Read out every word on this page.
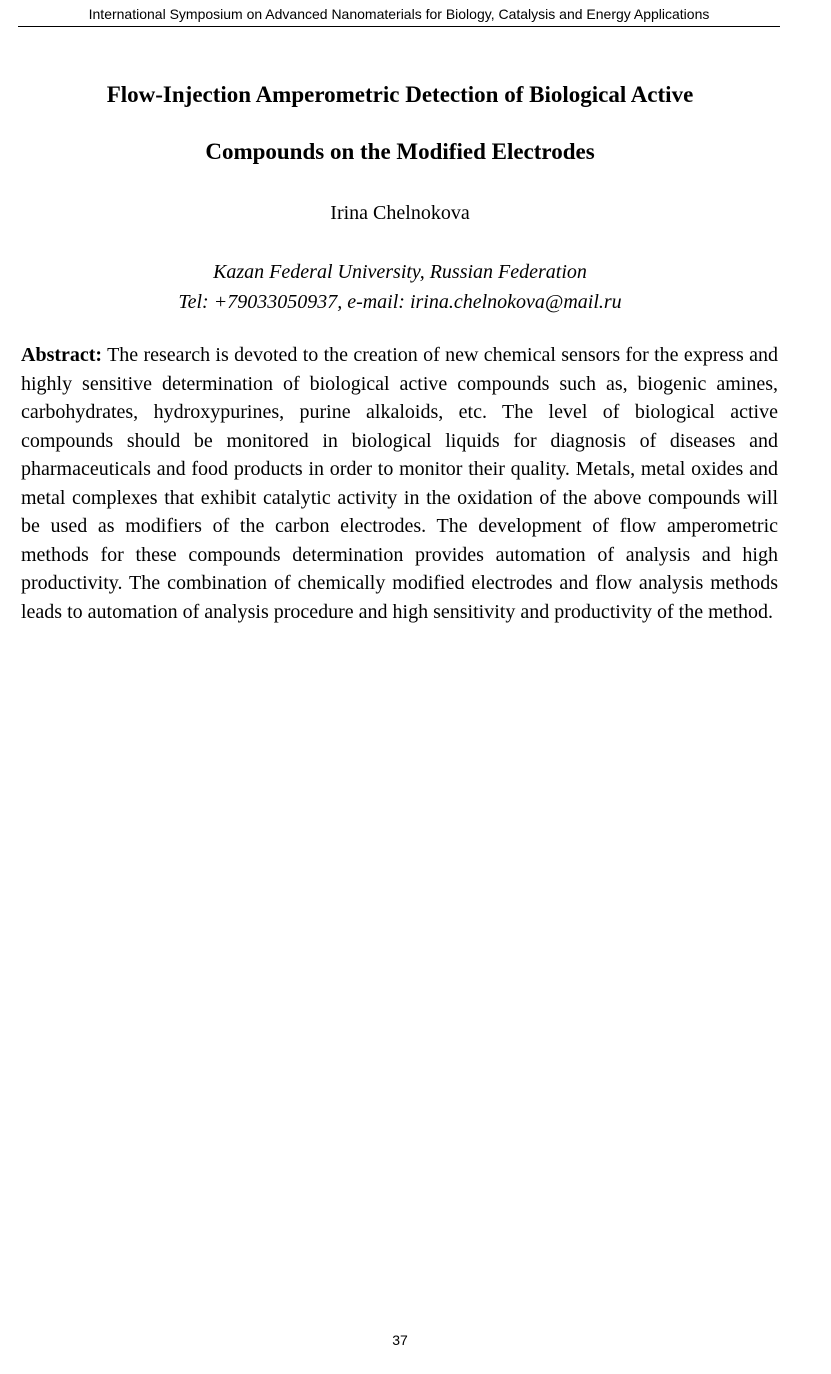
International Symposium on Advanced Nanomaterials for Biology, Catalysis and Energy Applications
Flow-Injection Amperometric Detection of Biological Active
Compounds on the Modified Electrodes
Irina Chelnokova
Kazan Federal University, Russian Federation
Tel: +79033050937, e-mail: irina.chelnokova@mail.ru

Abstract: The research is devoted to the creation of new chemical sensors for the express and highly sensitive determination of biological active compounds such as, biogenic amines, carbohydrates, hydroxypurines, purine alkaloids, etc. The level of biological active compounds should be monitored in biological liquids for diagnosis of diseases and pharmaceuticals and food products in order to monitor their quality. Metals, metal oxides and metal complexes that exhibit catalytic activity in the oxidation of the above compounds will be used as modifiers of the carbon electrodes. The development of flow amperometric methods for these compounds determination provides automation of analysis and high productivity. The combination of chemically modified electrodes and flow analysis methods leads to automation of analysis procedure and high sensitivity and productivity of the method.

37
